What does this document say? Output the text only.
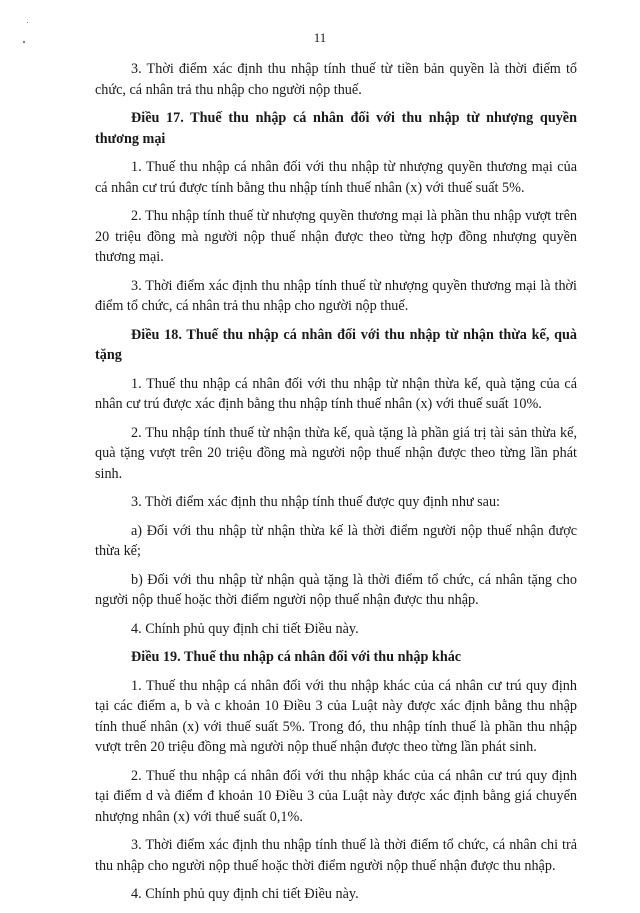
11

3. Thời điểm xác định thu nhập tính thuế từ tiền bản quyền là thời điểm tổ chức, cá nhân trả thu nhập cho người nộp thuế.

Điều 17. Thuế thu nhập cá nhân đối với thu nhập từ nhượng quyền thương mại

1. Thuế thu nhập cá nhân đối với thu nhập từ nhượng quyền thương mại của cá nhân cư trú được tính bằng thu nhập tính thuế nhân (x) với thuế suất 5%.

2. Thu nhập tính thuế từ nhượng quyền thương mại là phần thu nhập vượt trên 20 triệu đồng mà người nộp thuế nhận được theo từng hợp đồng nhượng quyền thương mại.

3. Thời điểm xác định thu nhập tính thuế từ nhượng quyền thương mại là thời điểm tổ chức, cá nhân trả thu nhập cho người nộp thuế.

Điều 18. Thuế thu nhập cá nhân đối với thu nhập từ nhận thừa kế, quà tặng

1. Thuế thu nhập cá nhân đối với thu nhập từ nhận thừa kế, quà tặng của cá nhân cư trú được xác định bằng thu nhập tính thuế nhân (x) với thuế suất 10%.

2. Thu nhập tính thuế từ nhận thừa kế, quà tặng là phần giá trị tài sản thừa kế, quà tặng vượt trên 20 triệu đồng mà người nộp thuế nhận được theo từng lần phát sinh.

3. Thời điểm xác định thu nhập tính thuế được quy định như sau:

a) Đối với thu nhập từ nhận thừa kế là thời điểm người nộp thuế nhận được thừa kế;

b) Đối với thu nhập từ nhận quà tặng là thời điểm tổ chức, cá nhân tặng cho người nộp thuế hoặc thời điểm người nộp thuế nhận được thu nhập.

4. Chính phủ quy định chi tiết Điều này.

Điều 19. Thuế thu nhập cá nhân đối với thu nhập khác

1. Thuế thu nhập cá nhân đối với thu nhập khác của cá nhân cư trú quy định tại các điểm a, b và c khoản 10 Điều 3 của Luật này được xác định bằng thu nhập tính thuế nhân (x) với thuế suất 5%. Trong đó, thu nhập tính thuế là phần thu nhập vượt trên 20 triệu đồng mà người nộp thuế nhận được theo từng lần phát sinh.

2. Thuế thu nhập cá nhân đối với thu nhập khác của cá nhân cư trú quy định tại điểm d và điểm đ khoản 10 Điều 3 của Luật này được xác định bằng giá chuyển nhượng nhân (x) với thuế suất 0,1%.

3. Thời điểm xác định thu nhập tính thuế là thời điểm tổ chức, cá nhân chi trả thu nhập cho người nộp thuế hoặc thời điểm người nộp thuế nhận được thu nhập.

4. Chính phủ quy định chi tiết Điều này.
